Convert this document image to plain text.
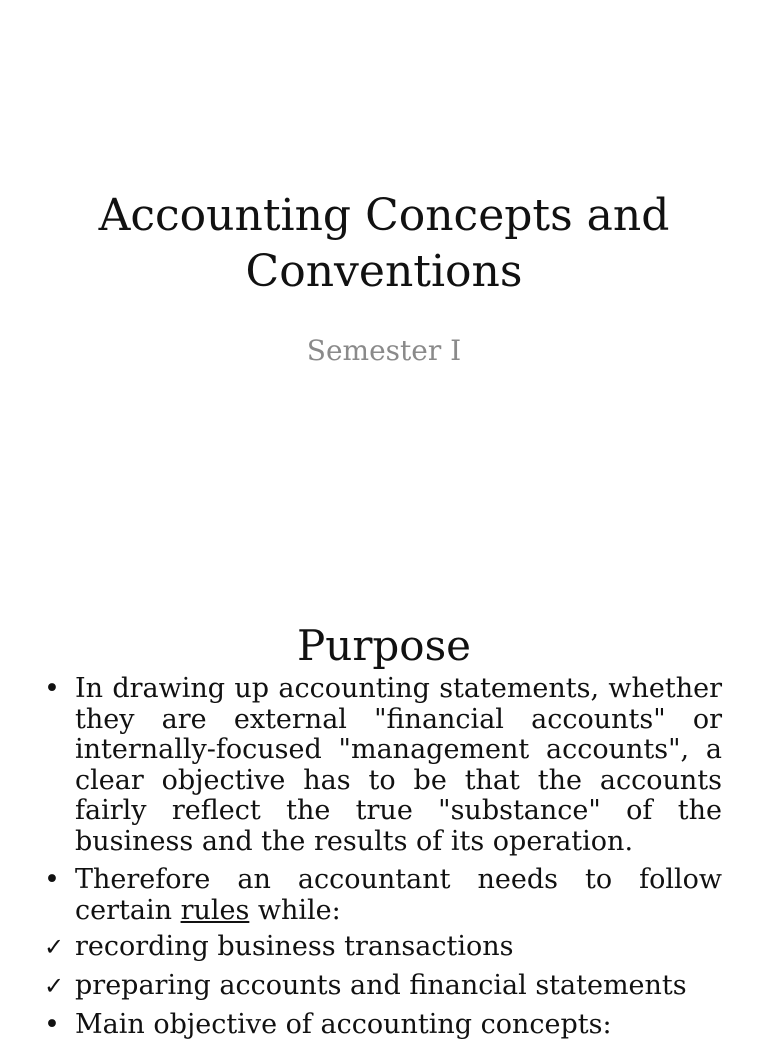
Accounting Concepts and
Conventions
Semester I
Purpose
• In drawing up accounting statements, whether they are external "financial accounts" or internally-focused "management accounts", a clear objective has to be that the accounts fairly reflect the true "substance" of the business and the results of its operation.
• Therefore an accountant needs to follow certain rules while:
✓ recording business transactions
✓ preparing accounts and financial statements
• Main objective of accounting concepts:
